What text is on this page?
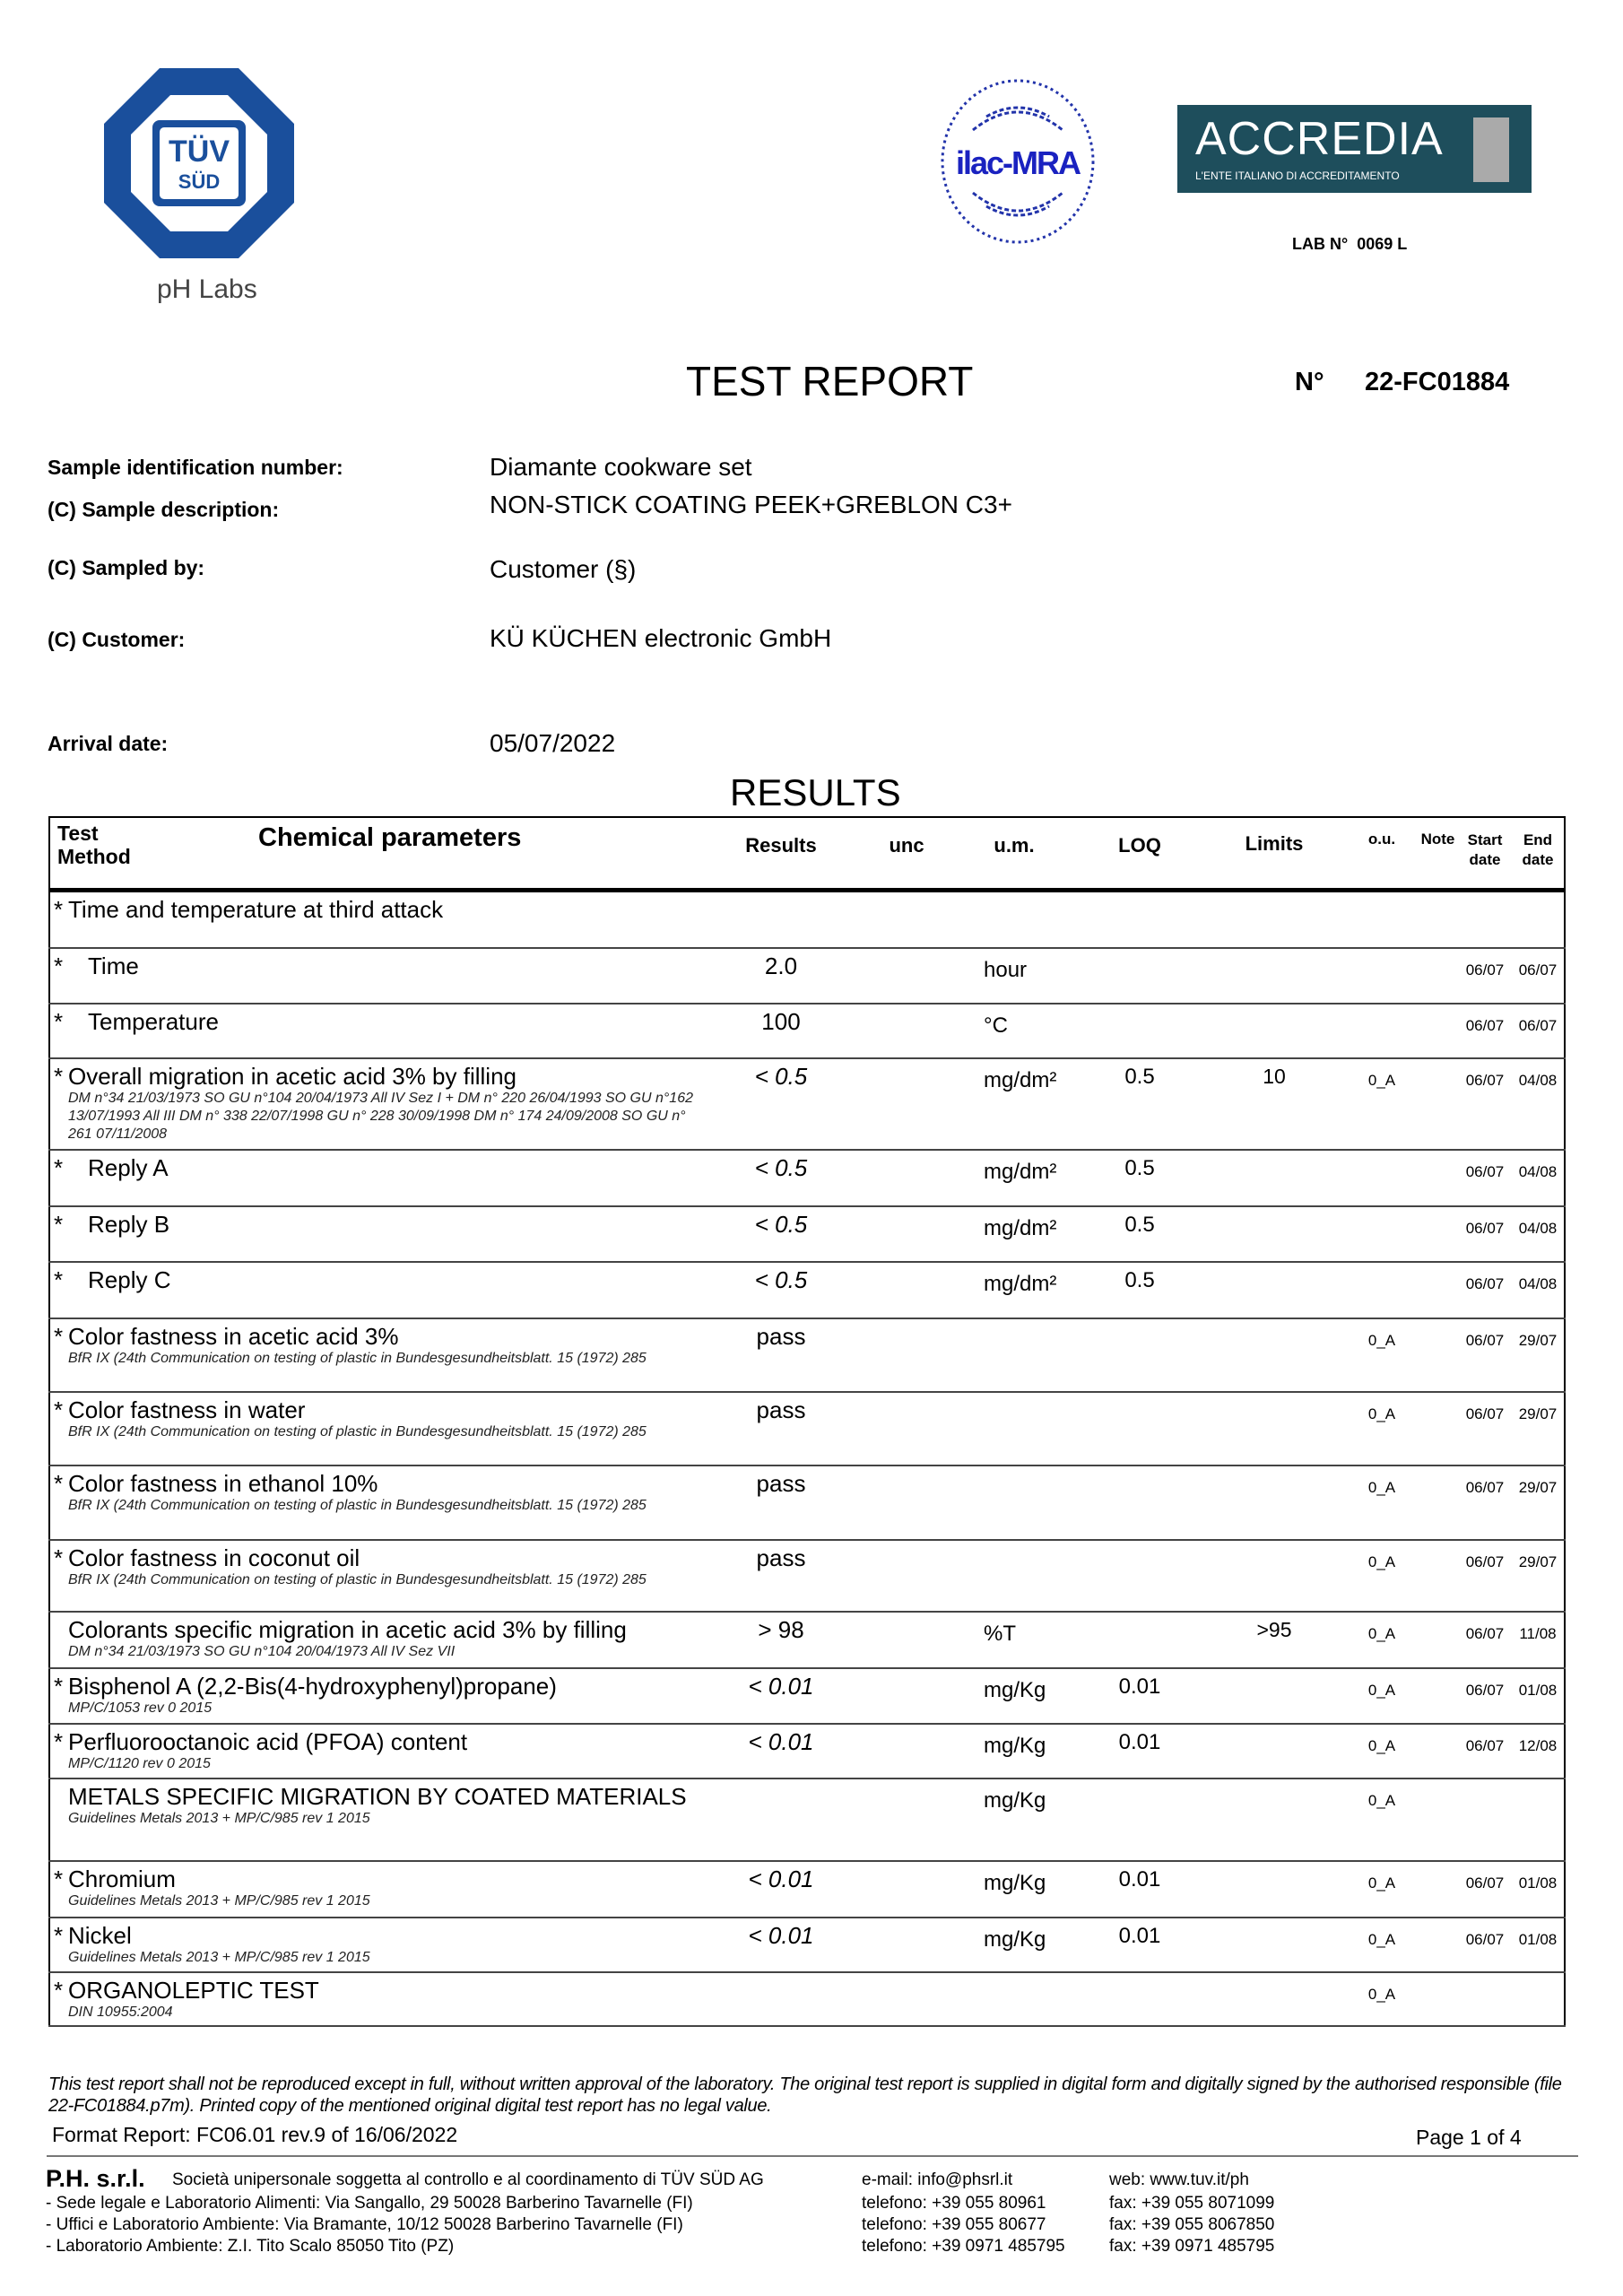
TÜV
SÜD
pH Labs
ilac-MRA	ACCREDIA
L'ENTE ITALIANO DI ACCREDITAMENTO
LAB N°  0069 L
TEST REPORT	N° 22-FC01884
Sample identification number:	Diamante cookware set
(C) Sample description:	NON-STICK COATING PEEK+GREBLON C3+
(C) Sampled by:	Customer (§)
(C) Customer:	KÜ KÜCHEN electronic GmbH
Arrival date:	05/07/2022
RESULTS
Test Method
Chemical parameters	Results	unc	u.m.	LOQ	Limits	o.u.	Note	Start date	End date

* Time and temperature at third attack									

* Time	2.0		hour					06/07	06/07

* Temperature	100		°C					06/07	06/07

* Overall migration in acetic acid 3% by filling
DM n°34 21/03/1973 SO GU n°104 20/04/1973 All IV Sez I + DM n° 220 26/04/1993 SO GU n°162 13/07/1993 All III DM n° 338 22/07/1998 GU n° 228 30/09/1998 DM n° 174 24/09/2008 SO GU n° 261 07/11/2008	< 0.5		mg/dm²	0.5	10	0_A		06/07	04/08

* Reply A	< 0.5		mg/dm²	0.5				06/07	04/08

* Reply B	< 0.5		mg/dm²	0.5				06/07	04/08

* Reply C	< 0.5		mg/dm²	0.5				06/07	04/08

* Color fastness in acetic acid 3%
BfR IX (24th Communication on testing of plastic in Bundesgesundheitsblatt. 15 (1972) 285	pass					0_A		06/07	29/07

* Color fastness in water
BfR IX (24th Communication on testing of plastic in Bundesgesundheitsblatt. 15 (1972) 285	pass					0_A		06/07	29/07

* Color fastness in ethanol 10%
BfR IX (24th Communication on testing of plastic in Bundesgesundheitsblatt. 15 (1972) 285	pass					0_A		06/07	29/07

* Color fastness in coconut oil
BfR IX (24th Communication on testing of plastic in Bundesgesundheitsblatt. 15 (1972) 285	pass					0_A		06/07	29/07

Colorants specific migration in acetic acid 3% by filling
DM n°34 21/03/1973 SO GU n°104 20/04/1973 All IV Sez VII	> 98		%T		>95	0_A		06/07	11/08

* Bisphenol A (2,2-Bis(4-hydroxyphenyl)propane)
MP/C/1053 rev 0 2015	< 0.01		mg/Kg	0.01		0_A		06/07	01/08

* Perfluorooctanoic acid (PFOA) content
MP/C/1120 rev 0 2015	< 0.01		mg/Kg	0.01		0_A		06/07	12/08

METALS SPECIFIC MIGRATION BY COATED MATERIALS
Guidelines Metals 2013 + MP/C/985 rev 1 2015			mg/Kg			0_A			

* Chromium
Guidelines Metals 2013 + MP/C/985 rev 1 2015	< 0.01		mg/Kg	0.01		0_A		06/07	01/08

* Nickel
Guidelines Metals 2013 + MP/C/985 rev 1 2015	< 0.01		mg/Kg	0.01		0_A		06/07	01/08

* ORGANOLEPTIC TEST
DIN 10955:2004						0_A			
This test report shall not be reproduced except in full, without written approval of the laboratory. The original test report is supplied in digital form and digitally signed by the authorised responsible (file 22-FC01884.p7m). Printed copy of the mentioned original digital test report has no legal value.
Format Report: FC06.01 rev.9 of 16/06/2022	Page 1 of 4
P.H. s.r.l. Società unipersonale soggetta al controllo e al coordinamento di TÜV SÜD AG	e-mail: info@phsrl.it	web: www.tuv.it/ph
- Sede legale e Laboratorio Alimenti: Via Sangallo, 29 50028 Barberino Tavarnelle (FI)	telefono: +39 055 80961	fax: +39 055 8071099
- Uffici e Laboratorio Ambiente: Via Bramante, 10/12 50028 Barberino Tavarnelle (FI)	telefono: +39 055 80677	fax: +39 055 8067850
- Laboratorio Ambiente: Z.I. Tito Scalo 85050 Tito (PZ)	telefono: +39 0971 485795	fax: +39 0971 485795
